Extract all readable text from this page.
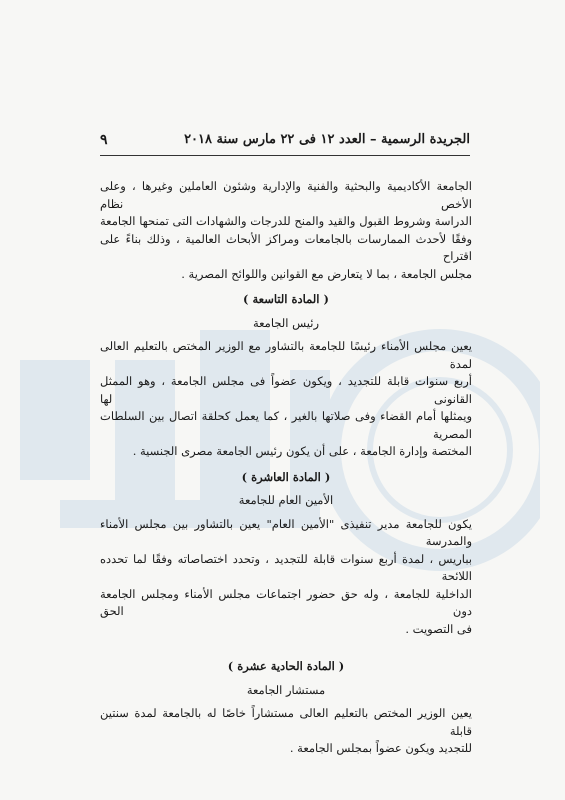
الجريدة الرسمية – العدد ١٢ فى ٢٢ مارس سنة ٢٠١٨
٩

الجامعة الأكاديمية والبحثية والفنية والإدارية وشئون العاملين وغيرها ، وعلى الأخص نظام

الدراسة وشروط القبول والقيد والمنح للدرجات والشهادات التى تمنحها الجامعة

وفقًا لأحدث الممارسات بالجامعات ومراكز الأبحاث العالمية ، وذلك بناءً على اقتراح

مجلس الجامعة ، بما لا يتعارض مع القوانين واللوائح المصرية .

( المادة التاسعة )
رئيس الجامعة

يعين مجلس الأمناء رئيسًا للجامعة بالتشاور مع الوزير المختص بالتعليم العالى لمدة

أربع سنوات قابلة للتجديد ، ويكون عضواً فى مجلس الجامعة ، وهو الممثل القانونى لها

ويمثلها أمام القضاء وفى صلاتها بالغير ، كما يعمل كحلقة اتصال بين السلطات المصرية

المختصة وإدارة الجامعة ، على أن يكون رئيس الجامعة مصرى الجنسية .

( المادة العاشرة )
الأمين العام للجامعة

يكون للجامعة مدير تنفيذى "الأمين العام" يعين بالتشاور بين مجلس الأمناء والمدرسة

بباريس ، لمدة أربع سنوات قابلة للتجديد ، وتحدد اختصاصاته وفقًا لما تحدده اللائحة

الداخلية للجامعة ، وله حق حضور اجتماعات مجلس الأمناء ومجلس الجامعة دون الحق

فى التصويت .

( المادة الحادية عشرة )
مستشار الجامعة

يعين الوزير المختص بالتعليم العالى مستشاراً خاصًا له بالجامعة لمدة سنتين قابلة

للتجديد ويكون عضواً بمجلس الجامعة .
